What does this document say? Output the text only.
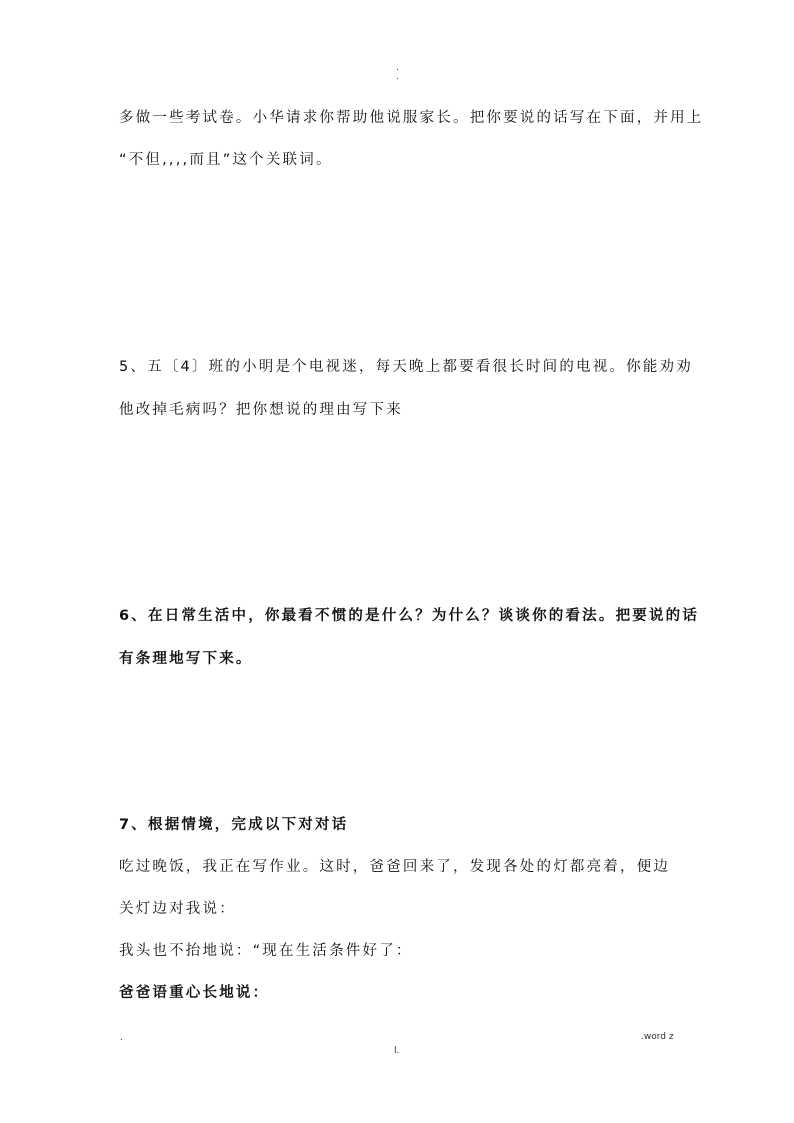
.
.
多做一些考试卷。小华请求你帮助他说服家长。把你要说的话写在下面，并用上
“不但,,,,而且”这个关联词。
5、五〔4〕班的小明是个电视迷，每天晚上都要看很长时间的电视。你能劝劝
他改掉毛病吗？把你想说的理由写下来
6、在日常生活中，你最看不惯的是什么？为什么？谈谈你的看法。把要说的话
有条理地写下来。
7、根据情境，完成以下对对话
吃过晚饭，我正在写作业。这时，爸爸回来了，发现各处的灯都亮着，便边
关灯边对我说：
我头也不抬地说：“现在生活条件好了：
爸爸语重心长地说：
.	.word z
l.
